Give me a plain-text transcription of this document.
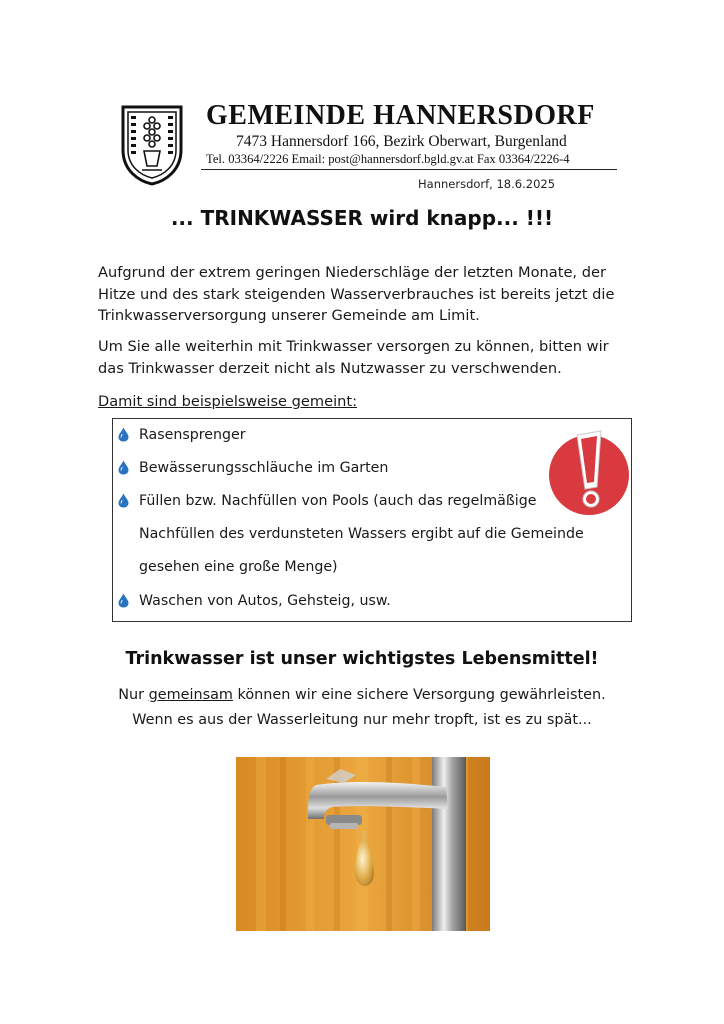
GEMEINDE HANNERSDORF
7473 Hannersdorf 166, Bezirk Oberwart, Burgenland
Tel. 03364/2226 Email: post@hannersdorf.bgld.gv.at Fax 03364/2226-4
Hannersdorf, 18.6.2025
... TRINKWASSER wird knapp... !!!
Aufgrund der extrem geringen Niederschläge der letzten Monate, der
Hitze und des stark steigenden Wasserverbrauches ist bereits jetzt die
Trinkwasserversorgung unserer Gemeinde am Limit.
Um Sie alle weiterhin mit Trinkwasser versorgen zu können, bitten wir
das Trinkwasser derzeit nicht als Nutzwasser zu verschwenden.
Damit sind beispielsweise gemeint:
Rasensprenger
Bewässerungsschläuche im Garten
Füllen bzw. Nachfüllen von Pools (auch das regelmäßige
Nachfüllen des verdunsteten Wassers ergibt auf die Gemeinde
gesehen eine große Menge)
Waschen von Autos, Gehsteig, usw.
Trinkwasser ist unser wichtigstes Lebensmittel!
Nur gemeinsam können wir eine sichere Versorgung gewährleisten.
Wenn es aus der Wasserleitung nur mehr tropft, ist es zu spät...
